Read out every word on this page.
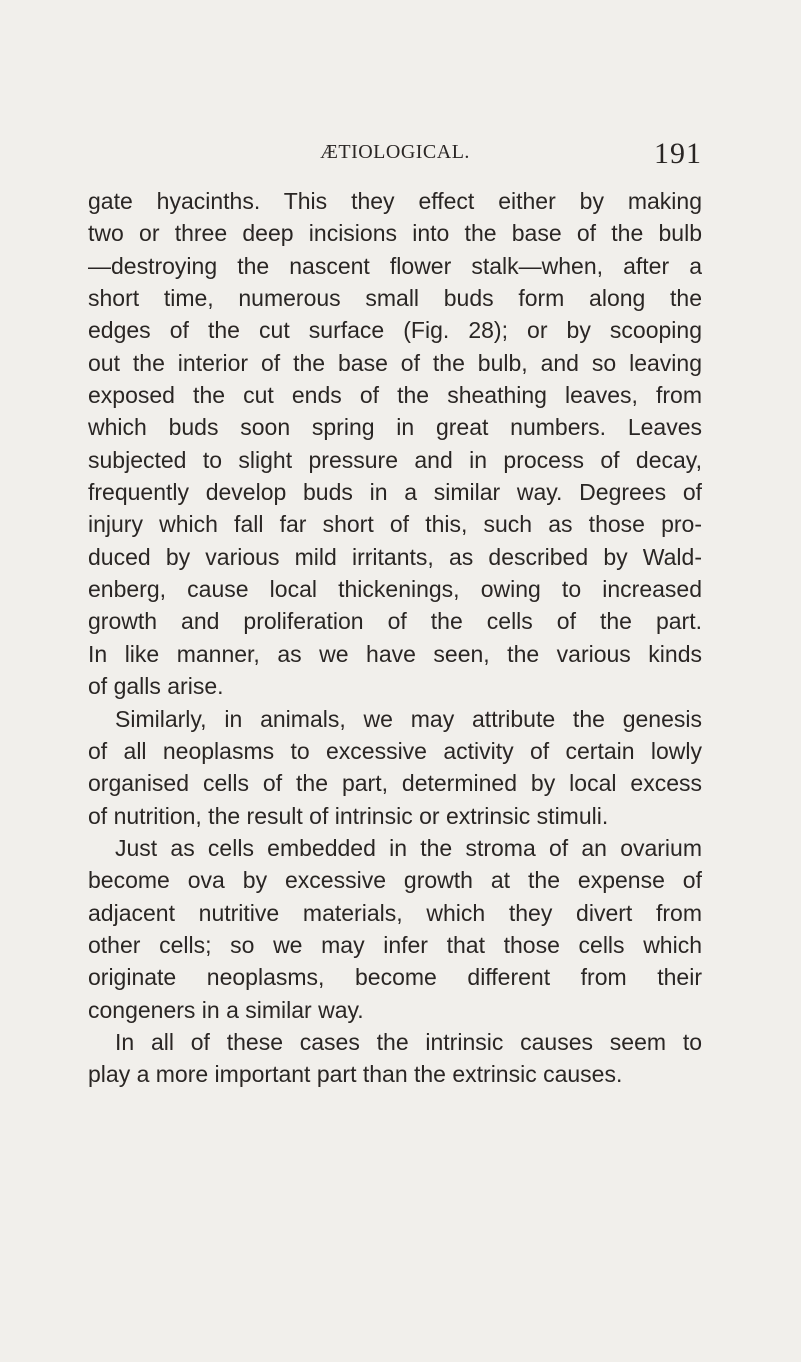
ÆTIOLOGICAL.	191
gate hyacinths. This they effect either by making
two or three deep incisions into the base of the bulb
—destroying the nascent flower stalk—when, after a
short time, numerous small buds form along the
edges of the cut surface (Fig. 28); or by scooping
out the interior of the base of the bulb, and so leaving
exposed the cut ends of the sheathing leaves, from
which buds soon spring in great numbers. Leaves
subjected to slight pressure and in process of decay,
frequently develop buds in a similar way. Degrees of
injury which fall far short of this, such as those pro-
duced by various mild irritants, as described by Wald-
enberg, cause local thickenings, owing to increased
growth and proliferation of the cells of the part.
In like manner, as we have seen, the various kinds
of galls arise.
Similarly, in animals, we may attribute the genesis
of all neoplasms to excessive activity of certain lowly
organised cells of the part, determined by local excess
of nutrition, the result of intrinsic or extrinsic stimuli.
Just as cells embedded in the stroma of an ovarium
become ova by excessive growth at the expense of
adjacent nutritive materials, which they divert from
other cells; so we may infer that those cells which
originate neoplasms, become different from their
congeners in a similar way.
In all of these cases the intrinsic causes seem to
play a more important part than the extrinsic causes.
